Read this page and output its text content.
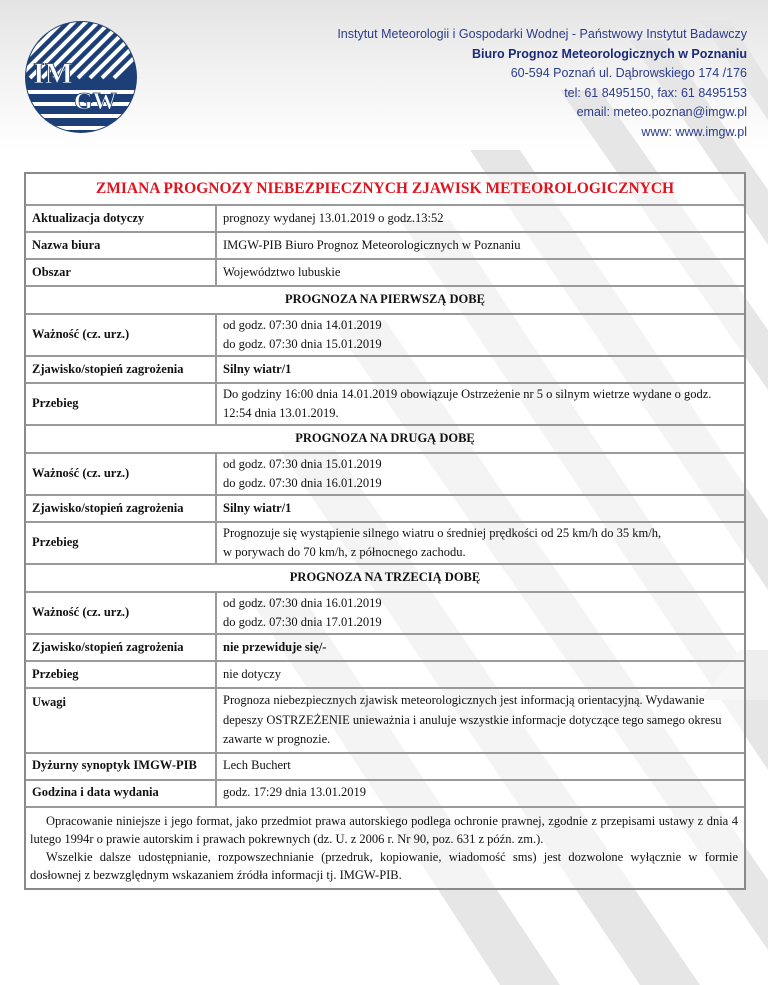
IM
GW
Instytut Meteorologii i Gospodarki Wodnej - Państwowy Instytut Badawczy
Biuro Prognoz Meteorologicznych w Poznaniu
60-594 Poznań ul. Dąbrowskiego 174 /176
tel: 61 8495150, fax: 61 8495153
email: meteo.poznan@imgw.pl
www: www.imgw.pl
ZMIANA PROGNOZY NIEBEZPIECZNYCH ZJAWISK METEOROLOGICZNYCH	
Aktualizacja dotyczy	prognozy wydanej 13.01.2019 o godz.13:52
Nazwa biura	IMGW-PIB Biuro Prognoz Meteorologicznych w Poznaniu
Obszar	Województwo lubuskie
PROGNOZA NA PIERWSZĄ DOBĘ	
Ważność (cz. urz.)	od godz. 07:30 dnia 14.01.2019
do godz. 07:30 dnia 15.01.2019

Zjawisko/stopień zagrożenia	Silny wiatr/1
Przebieg	Do godziny 16:00 dnia 14.01.2019 obowiązuje Ostrzeżenie nr 5 o silnym wietrze wydane o godz. 12:54 dnia 13.01.2019.
PROGNOZA NA DRUGĄ DOBĘ	
Ważność (cz. urz.)	od godz. 07:30 dnia 15.01.2019
do godz. 07:30 dnia 16.01.2019

Zjawisko/stopień zagrożenia	Silny wiatr/1
Przebieg	Prognozuje się wystąpienie silnego wiatru o średniej prędkości od 25 km/h do 35 km/h,
w porywach do 70 km/h, z północnego zachodu.

PROGNOZA NA TRZECIĄ DOBĘ	
Ważność (cz. urz.)	od godz. 07:30 dnia 16.01.2019
do godz. 07:30 dnia 17.01.2019

Zjawisko/stopień zagrożenia	nie przewiduje się/-
Przebieg	nie dotyczy
Uwagi	Prognoza niebezpiecznych zjawisk meteorologicznych jest informacją orientacyjną. Wydawanie depeszy OSTRZEŻENIE unieważnia i anuluje wszystkie informacje dotyczące tego samego okresu zawarte w prognozie.
Dyżurny synoptyk IMGW-PIB	Lech Buchert
Godzina i data wydania	godz. 17:29 dnia 13.01.2019

Opracowanie niniejsze i jego format, jako przedmiot prawa autorskiego podlega ochronie prawnej, zgodnie z przepisami ustawy z dnia 4 lutego 1994r o prawie autorskim i prawach pokrewnych (dz. U. z 2006 r. Nr 90, poz. 631 z późn. zm.).

Wszelkie dalsze udostępnianie, rozpowszechnianie (przedruk, kopiowanie, wiadomość sms) jest dozwolone wyłącznie w formie dosłownej z bezwzględnym wskazaniem źródła informacji tj. IMGW-PIB.	
